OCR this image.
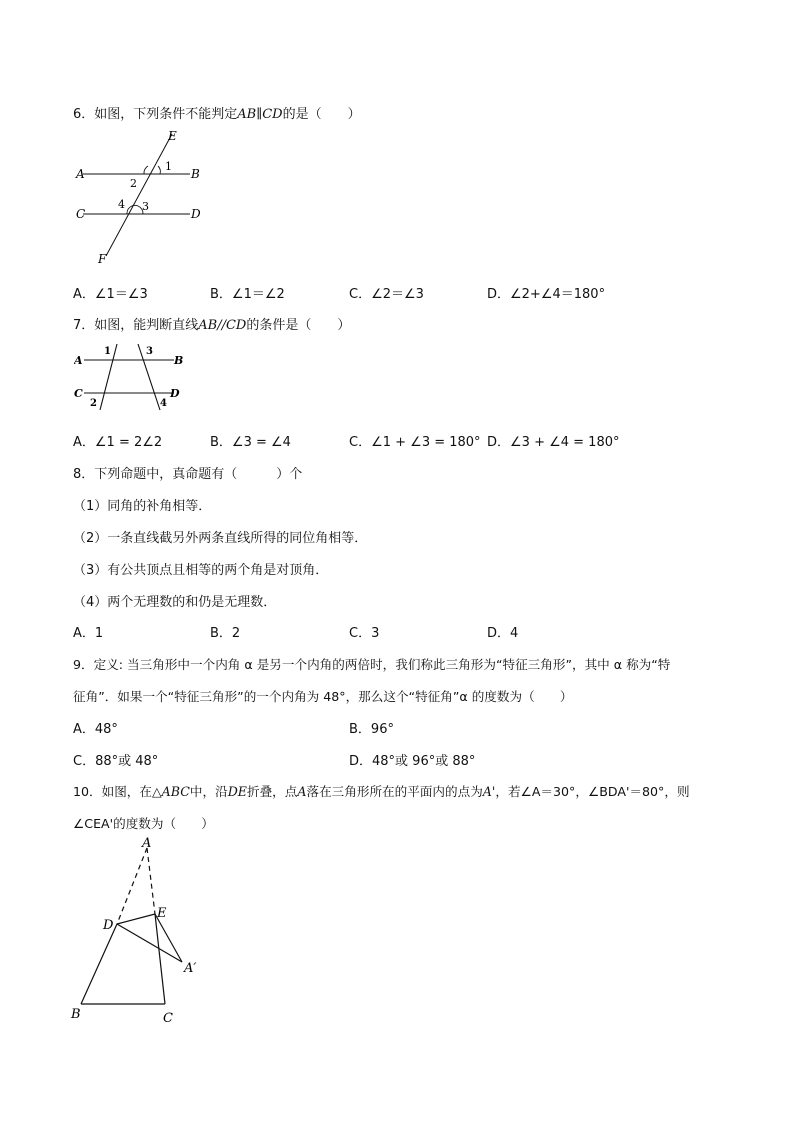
6．如图，下列条件不能判定AB∥CD的是（　　）
E
A	B
C	D
F
1
2
3
4
A．∠1＝∠3	B．∠1＝∠2	C．∠2＝∠3	D．∠2+∠4＝180°
7．如图，能判断直线AB//CD的条件是（　　）
A	B
C	D
1
2
3
4
A．∠1 = 2∠2	B．∠3 = ∠4	C．∠1 + ∠3 = 180° D．∠3 + ∠4 = 180°
8．下列命题中，真命题有（　　　）个
（1）同角的补角相等．
（2）一条直线截另外两条直线所得的同位角相等．
（3）有公共顶点且相等的两个角是对顶角．
（4）两个无理数的和仍是无理数．
A．1	B．2	C．3	D．4
9．定义: 当三角形中一个内角 α 是另一个内角的两倍时，我们称此三角形为“特征三角形”，其中 α 称为“特
征角”．如果一个“特征三角形”的一个内角为 48°，那么这个“特征角”α 的度数为（　　）
A．48°	B．96°
C．88°或 48°	D．48°或 96°或 88°
10．如图，在△ABC中，沿DE折叠，点A落在三角形所在的平面内的点为A'，若∠A＝30°，∠BDA'＝80°，则
∠CEA'的度数为（　　）
A
D
E
A′
B	C
